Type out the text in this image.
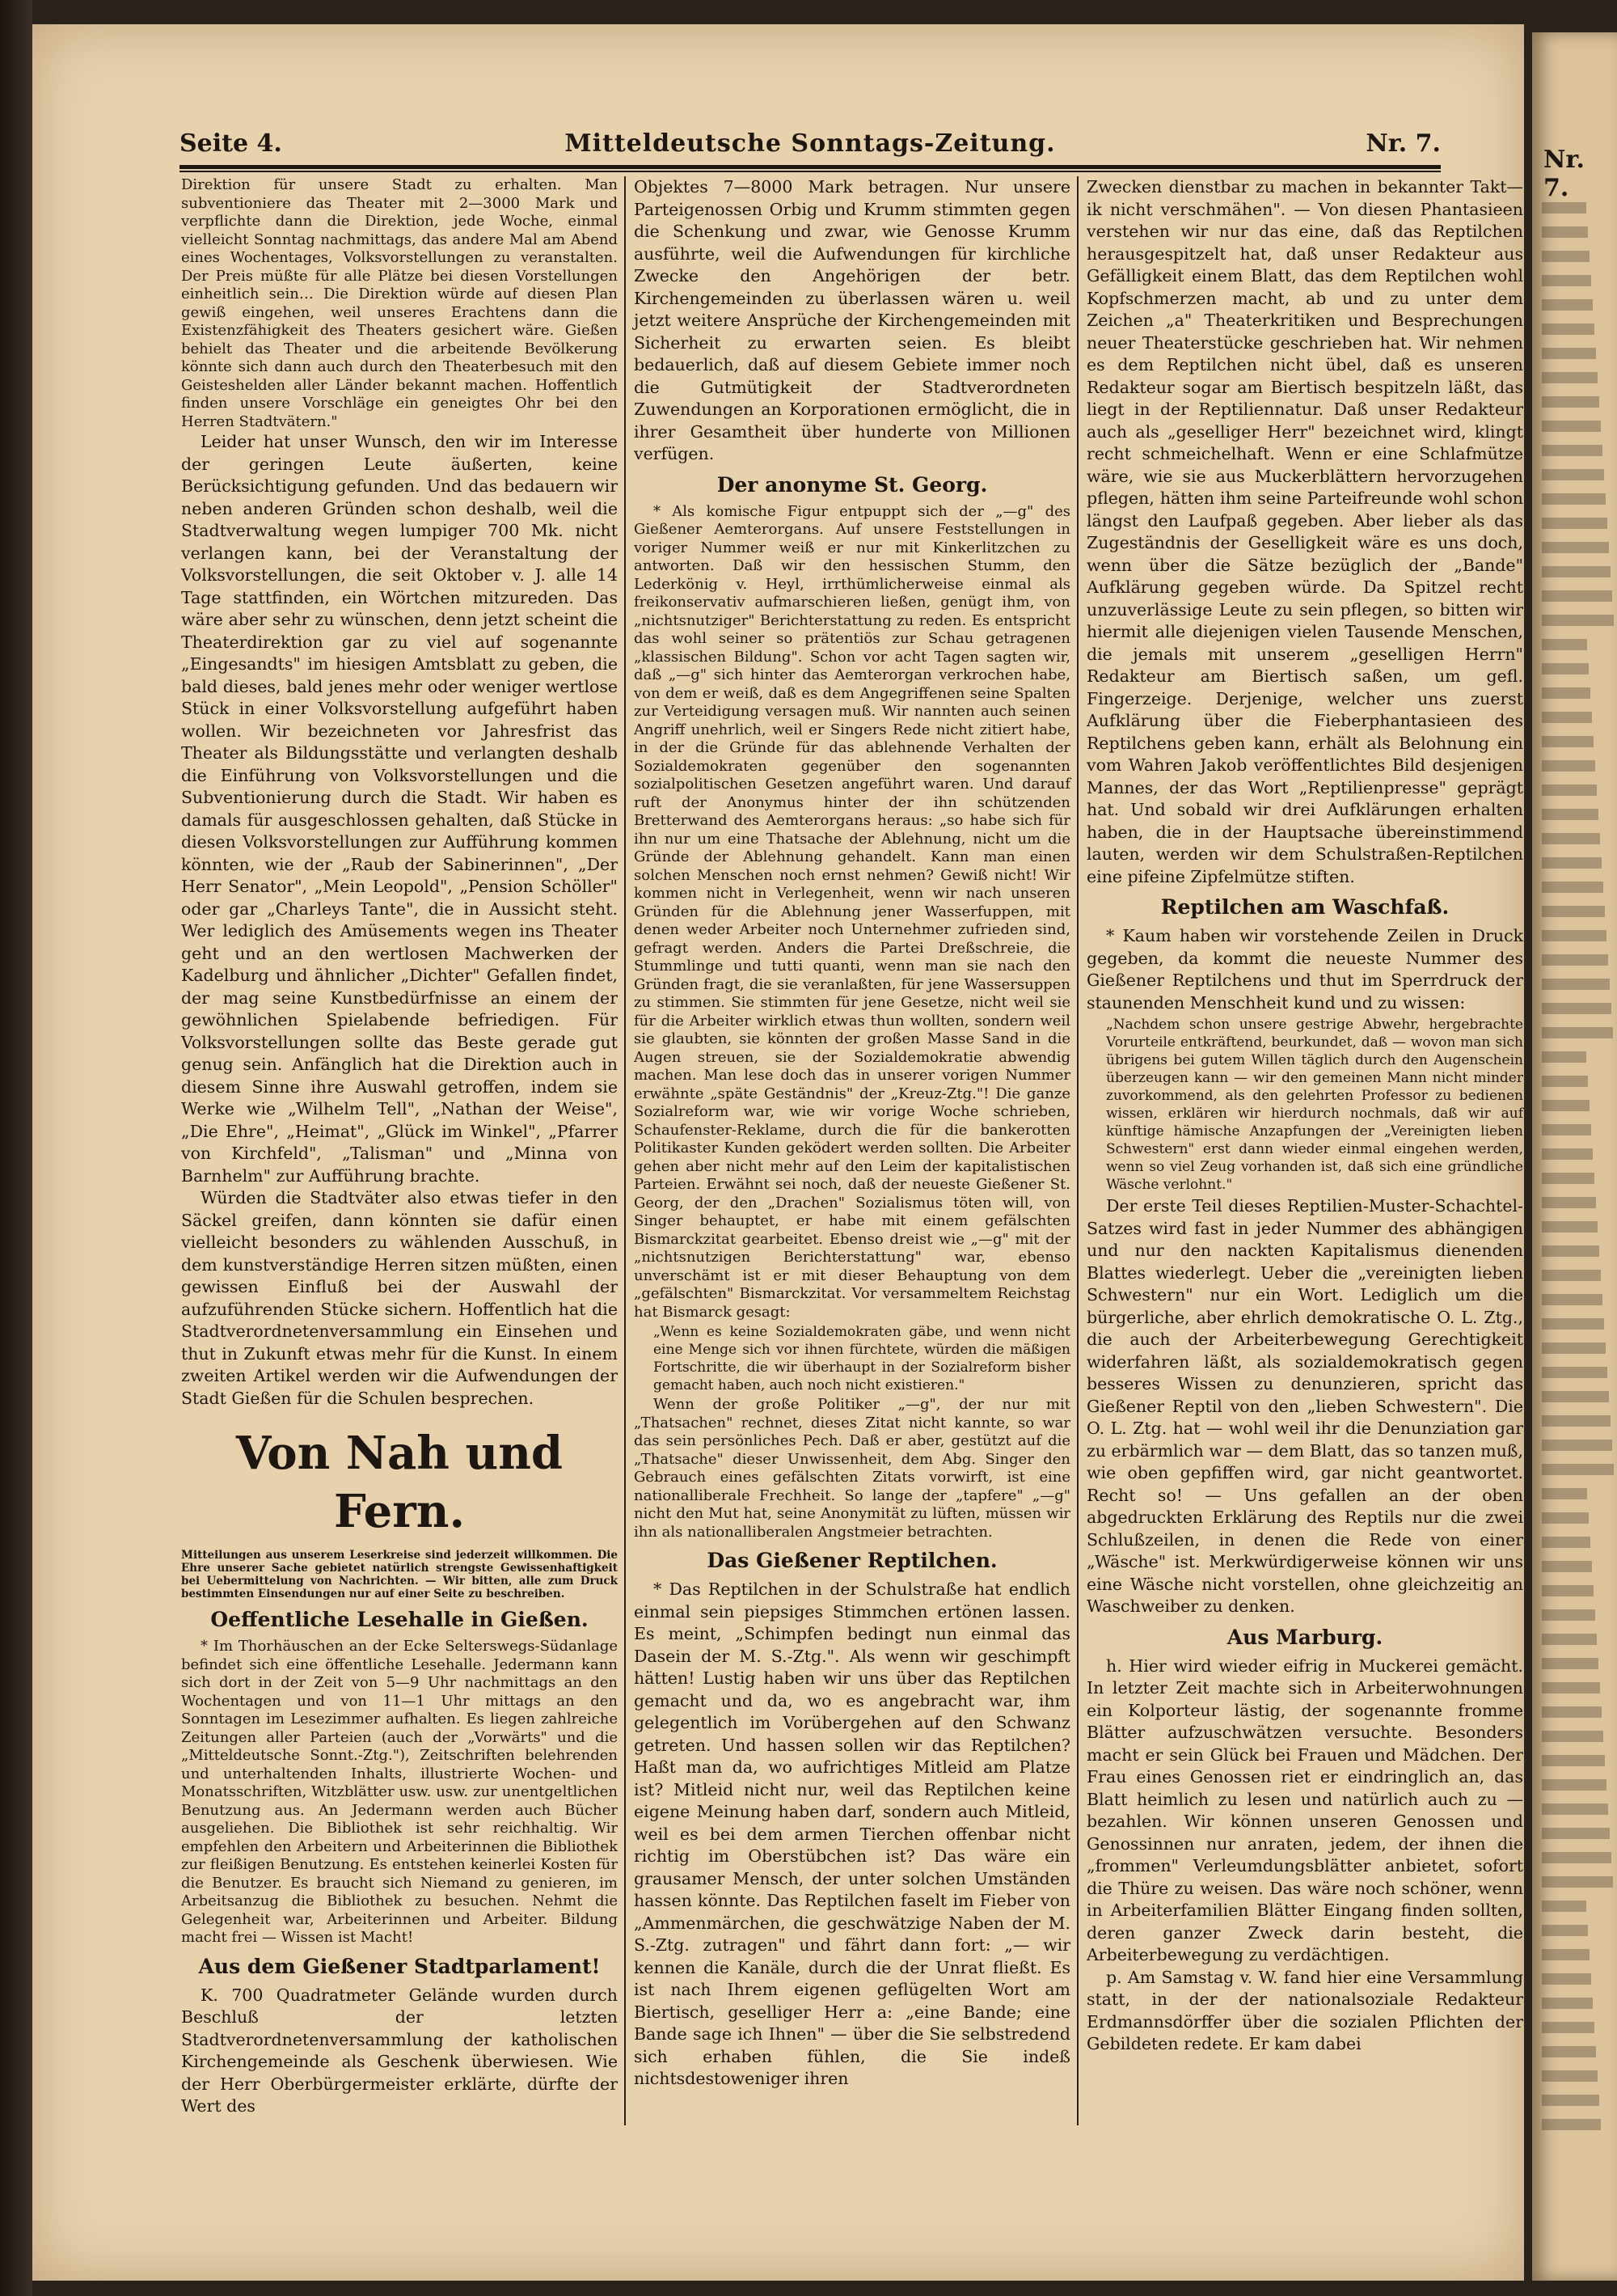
Nr. 7.
Seite 4.	Mitteldeutsche Sonntags-Zeitung.	Nr. 7.

Direktion für unsere Stadt zu erhalten. Man subventioniere das Theater mit 2—3000 Mark und verpflichte dann die Direktion, jede Woche, einmal vielleicht Sonntag nachmittags, das andere Mal am Abend eines Wochentages, Volksvorstellungen zu veranstalten. Der Preis müßte für alle Plätze bei diesen Vorstellungen einheitlich sein… Die Direktion würde auf diesen Plan gewiß eingehen, weil unseres Erachtens dann die Existenzfähigkeit des Theaters gesichert wäre. Gießen behielt das Theater und die arbeitende Bevölkerung könnte sich dann auch durch den Theaterbesuch mit den Geisteshelden aller Länder bekannt machen. Hoffentlich finden unsere Vorschläge ein geneigtes Ohr bei den Herren Stadtvätern."

Leider hat unser Wunsch, den wir im Interesse der geringen Leute äußerten, keine Berücksichtigung gefunden. Und das bedauern wir neben anderen Gründen schon deshalb, weil die Stadtverwaltung wegen lumpiger 700 Mk. nicht verlangen kann, bei der Veranstaltung der Volksvorstellungen, die seit Oktober v. J. alle 14 Tage stattfinden, ein Wörtchen mitzureden. Das wäre aber sehr zu wünschen, denn jetzt scheint die Theaterdirektion gar zu viel auf sogenannte „Eingesandts" im hiesigen Amtsblatt zu geben, die bald dieses, bald jenes mehr oder weniger wertlose Stück in einer Volksvorstellung aufgeführt haben wollen. Wir bezeichneten vor Jahresfrist das Theater als Bildungsstätte und verlangten deshalb die Einführung von Volksvorstellungen und die Subventionierung durch die Stadt. Wir haben es damals für ausgeschlossen gehalten, daß Stücke in diesen Volksvorstellungen zur Aufführung kommen könnten, wie der „Raub der Sabinerinnen", „Der Herr Senator", „Mein Leopold", „Pension Schöller" oder gar „Charleys Tante", die in Aussicht steht. Wer lediglich des Amüsements wegen ins Theater geht und an den wertlosen Machwerken der Kadelburg und ähnlicher „Dichter" Gefallen findet, der mag seine Kunstbedürfnisse an einem der gewöhnlichen Spielabende befriedigen. Für Volksvorstellungen sollte das Beste gerade gut genug sein. Anfänglich hat die Direktion auch in diesem Sinne ihre Auswahl getroffen, indem sie Werke wie „Wilhelm Tell", „Nathan der Weise", „Die Ehre", „Heimat", „Glück im Winkel", „Pfarrer von Kirchfeld", „Talisman" und „Minna von Barnhelm" zur Aufführung brachte.

Würden die Stadtväter also etwas tiefer in den Säckel greifen, dann könnten sie dafür einen vielleicht besonders zu wählenden Ausschuß, in dem kunstverständige Herren sitzen müßten, einen gewissen Einfluß bei der Auswahl der aufzuführenden Stücke sichern. Hoffentlich hat die Stadtverordnetenversammlung ein Einsehen und thut in Zukunft etwas mehr für die Kunst. In einem zweiten Artikel werden wir die Aufwendungen der Stadt Gießen für die Schulen besprechen.

Von Nah und Fern.
Mitteilungen aus unserem Leserkreise sind jederzeit willkommen. Die Ehre unserer Sache gebietet natürlich strengste Gewissenhaftigkeit bei Uebermittelung von Nachrichten. — Wir bitten, alle zum Druck bestimmten Einsendungen nur auf einer Seite zu beschreiben.
Oeffentliche Lesehalle in Gießen.

* Im Thorhäuschen an der Ecke Selterswegs-Südanlage befindet sich eine öffentliche Lesehalle. Jedermann kann sich dort in der Zeit von 5—9 Uhr nachmittags an den Wochentagen und von 11—1 Uhr mittags an den Sonntagen im Lesezimmer aufhalten. Es liegen zahlreiche Zeitungen aller Parteien (auch der „Vorwärts" und die „Mitteldeutsche Sonnt.-Ztg."), Zeitschriften belehrenden und unterhaltenden Inhalts, illustrierte Wochen- und Monatsschriften, Witzblätter usw. usw. zur unentgeltlichen Benutzung aus. An Jedermann werden auch Bücher ausgeliehen. Die Bibliothek ist sehr reichhaltig. Wir empfehlen den Arbeitern und Arbeiterinnen die Bibliothek zur fleißigen Benutzung. Es entstehen keinerlei Kosten für die Benutzer. Es braucht sich Niemand zu genieren, im Arbeitsanzug die Bibliothek zu besuchen. Nehmt die Gelegenheit war, Arbeiterinnen und Arbeiter. Bildung macht frei — Wissen ist Macht!

Aus dem Gießener Stadtparlament!

K. 700 Quadratmeter Gelände wurden durch Beschluß der letzten Stadtverordnetenversammlung der katholischen Kirchengemeinde als Geschenk überwiesen. Wie der Herr Oberbürgermeister erklärte, dürfte der Wert des

Objektes 7—8000 Mark betragen. Nur unsere Parteigenossen Orbig und Krumm stimmten gegen die Schenkung und zwar, wie Genosse Krumm ausführte, weil die Aufwendungen für kirchliche Zwecke den Angehörigen der betr. Kirchengemeinden zu überlassen wären u. weil jetzt weitere Ansprüche der Kirchengemeinden mit Sicherheit zu erwarten seien. Es bleibt bedauerlich, daß auf diesem Gebiete immer noch die Gutmütigkeit der Stadtverordneten Zuwendungen an Korporationen ermöglicht, die in ihrer Gesamtheit über hunderte von Millionen verfügen.

Der anonyme St. Georg.

* Als komische Figur entpuppt sich der „—g" des Gießener Aemterorgans. Auf unsere Feststellungen in voriger Nummer weiß er nur mit Kinkerlitzchen zu antworten. Daß wir den hessischen Stumm, den Lederkönig v. Heyl, irrthümlicherweise einmal als freikonservativ aufmarschieren ließen, genügt ihm, von „nichtsnutziger" Berichterstattung zu reden. Es entspricht das wohl seiner so prätentiös zur Schau getragenen „klassischen Bildung". Schon vor acht Tagen sagten wir, daß „—g" sich hinter das Aemterorgan verkrochen habe, von dem er weiß, daß es dem Angegriffenen seine Spalten zur Verteidigung versagen muß. Wir nannten auch seinen Angriff unehrlich, weil er Singers Rede nicht zitiert habe, in der die Gründe für das ablehnende Verhalten der Sozialdemokraten gegenüber den sogenannten sozialpolitischen Gesetzen angeführt waren. Und darauf ruft der Anonymus hinter der ihn schützenden Bretterwand des Aemterorgans heraus: „so habe sich für ihn nur um eine Thatsache der Ablehnung, nicht um die Gründe der Ablehnung gehandelt. Kann man einen solchen Menschen noch ernst nehmen? Gewiß nicht! Wir kommen nicht in Verlegenheit, wenn wir nach unseren Gründen für die Ablehnung jener Wasserfuppen, mit denen weder Arbeiter noch Unternehmer zufrieden sind, gefragt werden. Anders die Partei Dreßschreie, die Stummlinge und tutti quanti, wenn man sie nach den Gründen fragt, die sie veranlaßten, für jene Wassersuppen zu stimmen. Sie stimmten für jene Gesetze, nicht weil sie für die Arbeiter wirklich etwas thun wollten, sondern weil sie glaubten, sie könnten der großen Masse Sand in die Augen streuen, sie der Sozialdemokratie abwendig machen. Man lese doch das in unserer vorigen Nummer erwähnte „späte Geständnis" der „Kreuz-Ztg."! Die ganze Sozialreform war, wie wir vorige Woche schrieben, Schaufenster-Reklame, durch die für die bankerotten Politikaster Kunden geködert werden sollten. Die Arbeiter gehen aber nicht mehr auf den Leim der kapitalistischen Parteien. Erwähnt sei noch, daß der neueste Gießener St. Georg, der den „Drachen" Sozialismus töten will, von Singer behauptet, er habe mit einem gefälschten Bismarckzitat gearbeitet. Ebenso dreist wie „—g" mit der „nichtsnutzigen Berichterstattung" war, ebenso unverschämt ist er mit dieser Behauptung von dem „gefälschten" Bismarckzitat. Vor versammeltem Reichstag hat Bismarck gesagt:

„Wenn es keine Sozialdemokraten gäbe, und wenn nicht eine Menge sich vor ihnen fürchtete, würden die mäßigen Fortschritte, die wir überhaupt in der Sozialreform bisher gemacht haben, auch noch nicht existieren."

Wenn der große Politiker „—g", der nur mit „Thatsachen" rechnet, dieses Zitat nicht kannte, so war das sein persönliches Pech. Daß er aber, gestützt auf die „Thatsache" dieser Unwissenheit, dem Abg. Singer den Gebrauch eines gefälschten Zitats vorwirft, ist eine nationalliberale Frechheit. So lange der „tapfere" „—g" nicht den Mut hat, seine Anonymität zu lüften, müssen wir ihn als nationalliberalen Angstmeier betrachten.

Das Gießener Reptilchen.

* Das Reptilchen in der Schulstraße hat endlich einmal sein piepsiges Stimmchen ertönen lassen. Es meint, „Schimpfen bedingt nun einmal das Dasein der M. S.-Ztg.". Als wenn wir geschimpft hätten! Lustig haben wir uns über das Reptilchen gemacht und da, wo es angebracht war, ihm gelegentlich im Vorübergehen auf den Schwanz getreten. Und hassen sollen wir das Reptilchen? Haßt man da, wo aufrichtiges Mitleid am Platze ist? Mitleid nicht nur, weil das Reptilchen keine eigene Meinung haben darf, sondern auch Mitleid, weil es bei dem armen Tierchen offenbar nicht richtig im Oberstübchen ist? Das wäre ein grausamer Mensch, der unter solchen Umständen hassen könnte. Das Reptilchen faselt im Fieber von „Ammenmärchen, die geschwätzige Naben der M. S.-Ztg. zutragen" und fährt dann fort: „— wir kennen die Kanäle, durch die der Unrat fließt. Es ist nach Ihrem eigenen geflügelten Wort am Biertisch, geselliger Herr a: „eine Bande; eine Bande sage ich Ihnen" — über die Sie selbstredend sich erhaben fühlen, die Sie indeß nichtsdestoweniger ihren

Zwecken dienstbar zu machen in bekannter Takt—ik nicht verschmähen". — Von diesen Phantasieen verstehen wir nur das eine, daß das Reptilchen herausgespitzelt hat, daß unser Redakteur aus Gefälligkeit einem Blatt, das dem Reptilchen wohl Kopfschmerzen macht, ab und zu unter dem Zeichen „a" Theaterkritiken und Besprechungen neuer Theaterstücke geschrieben hat. Wir nehmen es dem Reptilchen nicht übel, daß es unseren Redakteur sogar am Biertisch bespitzeln läßt, das liegt in der Reptiliennatur. Daß unser Redakteur auch als „geselliger Herr" bezeichnet wird, klingt recht schmeichelhaft. Wenn er eine Schlafmütze wäre, wie sie aus Muckerblättern hervorzugehen pflegen, hätten ihm seine Parteifreunde wohl schon längst den Laufpaß gegeben. Aber lieber als das Zugeständnis der Geselligkeit wäre es uns doch, wenn über die Sätze bezüglich der „Bande" Aufklärung gegeben würde. Da Spitzel recht unzuverlässige Leute zu sein pflegen, so bitten wir hiermit alle diejenigen vielen Tausende Menschen, die jemals mit unserem „geselligen Herrn" Redakteur am Biertisch saßen, um gefl. Fingerzeige. Derjenige, welcher uns zuerst Aufklärung über die Fieberphantasieen des Reptilchens geben kann, erhält als Belohnung ein vom Wahren Jakob veröffentlichtes Bild desjenigen Mannes, der das Wort „Reptilienpresse" geprägt hat. Und sobald wir drei Aufklärungen erhalten haben, die in der Hauptsache übereinstimmend lauten, werden wir dem Schulstraßen-Reptilchen eine pifeine Zipfelmütze stiften.

Reptilchen am Waschfaß.

* Kaum haben wir vorstehende Zeilen in Druck gegeben, da kommt die neueste Nummer des Gießener Reptilchens und thut im Sperrdruck der staunenden Menschheit kund und zu wissen:

„Nachdem schon unsere gestrige Abwehr, hergebrachte Vorurteile entkräftend, beurkundet, daß — wovon man sich übrigens bei gutem Willen täglich durch den Augenschein überzeugen kann — wir den gemeinen Mann nicht minder zuvorkommend, als den gelehrten Professor zu bedienen wissen, erklären wir hierdurch nochmals, daß wir auf künftige hämische Anzapfungen der „Vereinigten lieben Schwestern" erst dann wieder einmal eingehen werden, wenn so viel Zeug vorhanden ist, daß sich eine gründliche Wäsche verlohnt."

Der erste Teil dieses Reptilien-Muster-Schachtel-Satzes wird fast in jeder Nummer des abhängigen und nur den nackten Kapitalismus dienenden Blattes wiederlegt. Ueber die „vereinigten lieben Schwestern" nur ein Wort. Lediglich um die bürgerliche, aber ehrlich demokratische O. L. Ztg., die auch der Arbeiterbewegung Gerechtigkeit widerfahren läßt, als sozialdemokratisch gegen besseres Wissen zu denunzieren, spricht das Gießener Reptil von den „lieben Schwestern". Die O. L. Ztg. hat — wohl weil ihr die Denunziation gar zu erbärmlich war — dem Blatt, das so tanzen muß, wie oben gepfiffen wird, gar nicht geantwortet. Recht so! — Uns gefallen an der oben abgedruckten Erklärung des Reptils nur die zwei Schlußzeilen, in denen die Rede von einer „Wäsche" ist. Merkwürdigerweise können wir uns eine Wäsche nicht vorstellen, ohne gleichzeitig an Waschweiber zu denken.

Aus Marburg.

h. Hier wird wieder eifrig in Muckerei gemächt. In letzter Zeit machte sich in Arbeiterwohnungen ein Kolporteur lästig, der sogenannte fromme Blätter aufzuschwätzen versuchte. Besonders macht er sein Glück bei Frauen und Mädchen. Der Frau eines Genossen riet er eindringlich an, das Blatt heimlich zu lesen und natürlich auch zu — bezahlen. Wir können unseren Genossen und Genossinnen nur anraten, jedem, der ihnen die „frommen" Verleumdungsblätter anbietet, sofort die Thüre zu weisen. Das wäre noch schöner, wenn in Arbeiterfamilien Blätter Eingang finden sollten, deren ganzer Zweck darin besteht, die Arbeiterbewegung zu verdächtigen.

p. Am Samstag v. W. fand hier eine Versammlung statt, in der der nationalsoziale Redakteur Erdmannsdörffer über die sozialen Pflichten der Gebildeten redete. Er kam dabei
